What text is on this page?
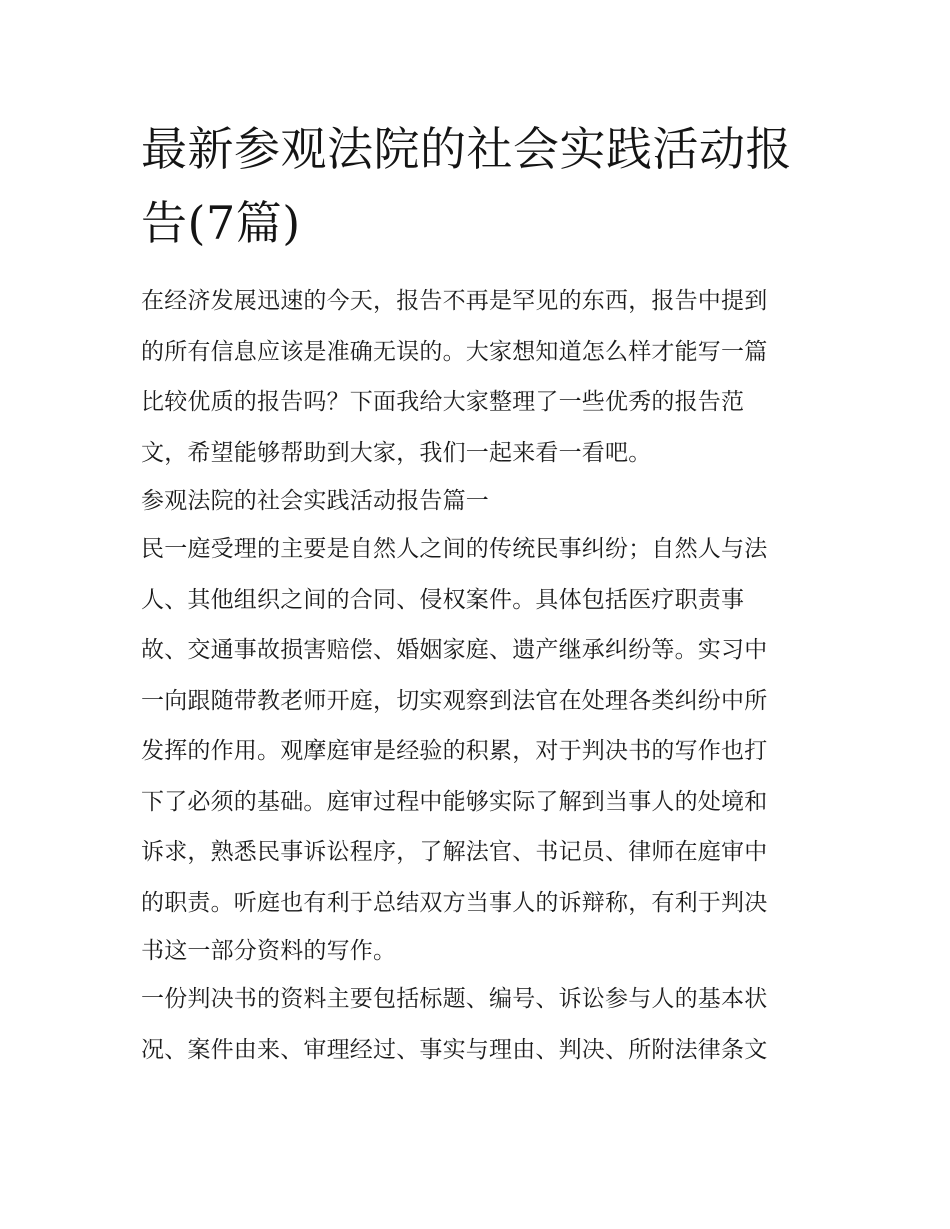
最新参观法院的社会实践活动报告(7篇)
在经济发展迅速的今天，报告不再是罕见的东西，报告中提到
的所有信息应该是准确无误的。大家想知道怎么样才能写一篇
比较优质的报告吗？下面我给大家整理了一些优秀的报告范
文，希望能够帮助到大家，我们一起来看一看吧。
参观法院的社会实践活动报告篇一
民一庭受理的主要是自然人之间的传统民事纠纷；自然人与法
人、其他组织之间的合同、侵权案件。具体包括医疗职责事
故、交通事故损害赔偿、婚姻家庭、遗产继承纠纷等。实习中
一向跟随带教老师开庭，切实观察到法官在处理各类纠纷中所
发挥的作用。观摩庭审是经验的积累，对于判决书的写作也打
下了必须的基础。庭审过程中能够实际了解到当事人的处境和
诉求，熟悉民事诉讼程序，了解法官、书记员、律师在庭审中
的职责。听庭也有利于总结双方当事人的诉辩称，有利于判决
书这一部分资料的写作。
一份判决书的资料主要包括标题、编号、诉讼参与人的基本状
况、案件由来、审理经过、事实与理由、判决、所附法律条文
